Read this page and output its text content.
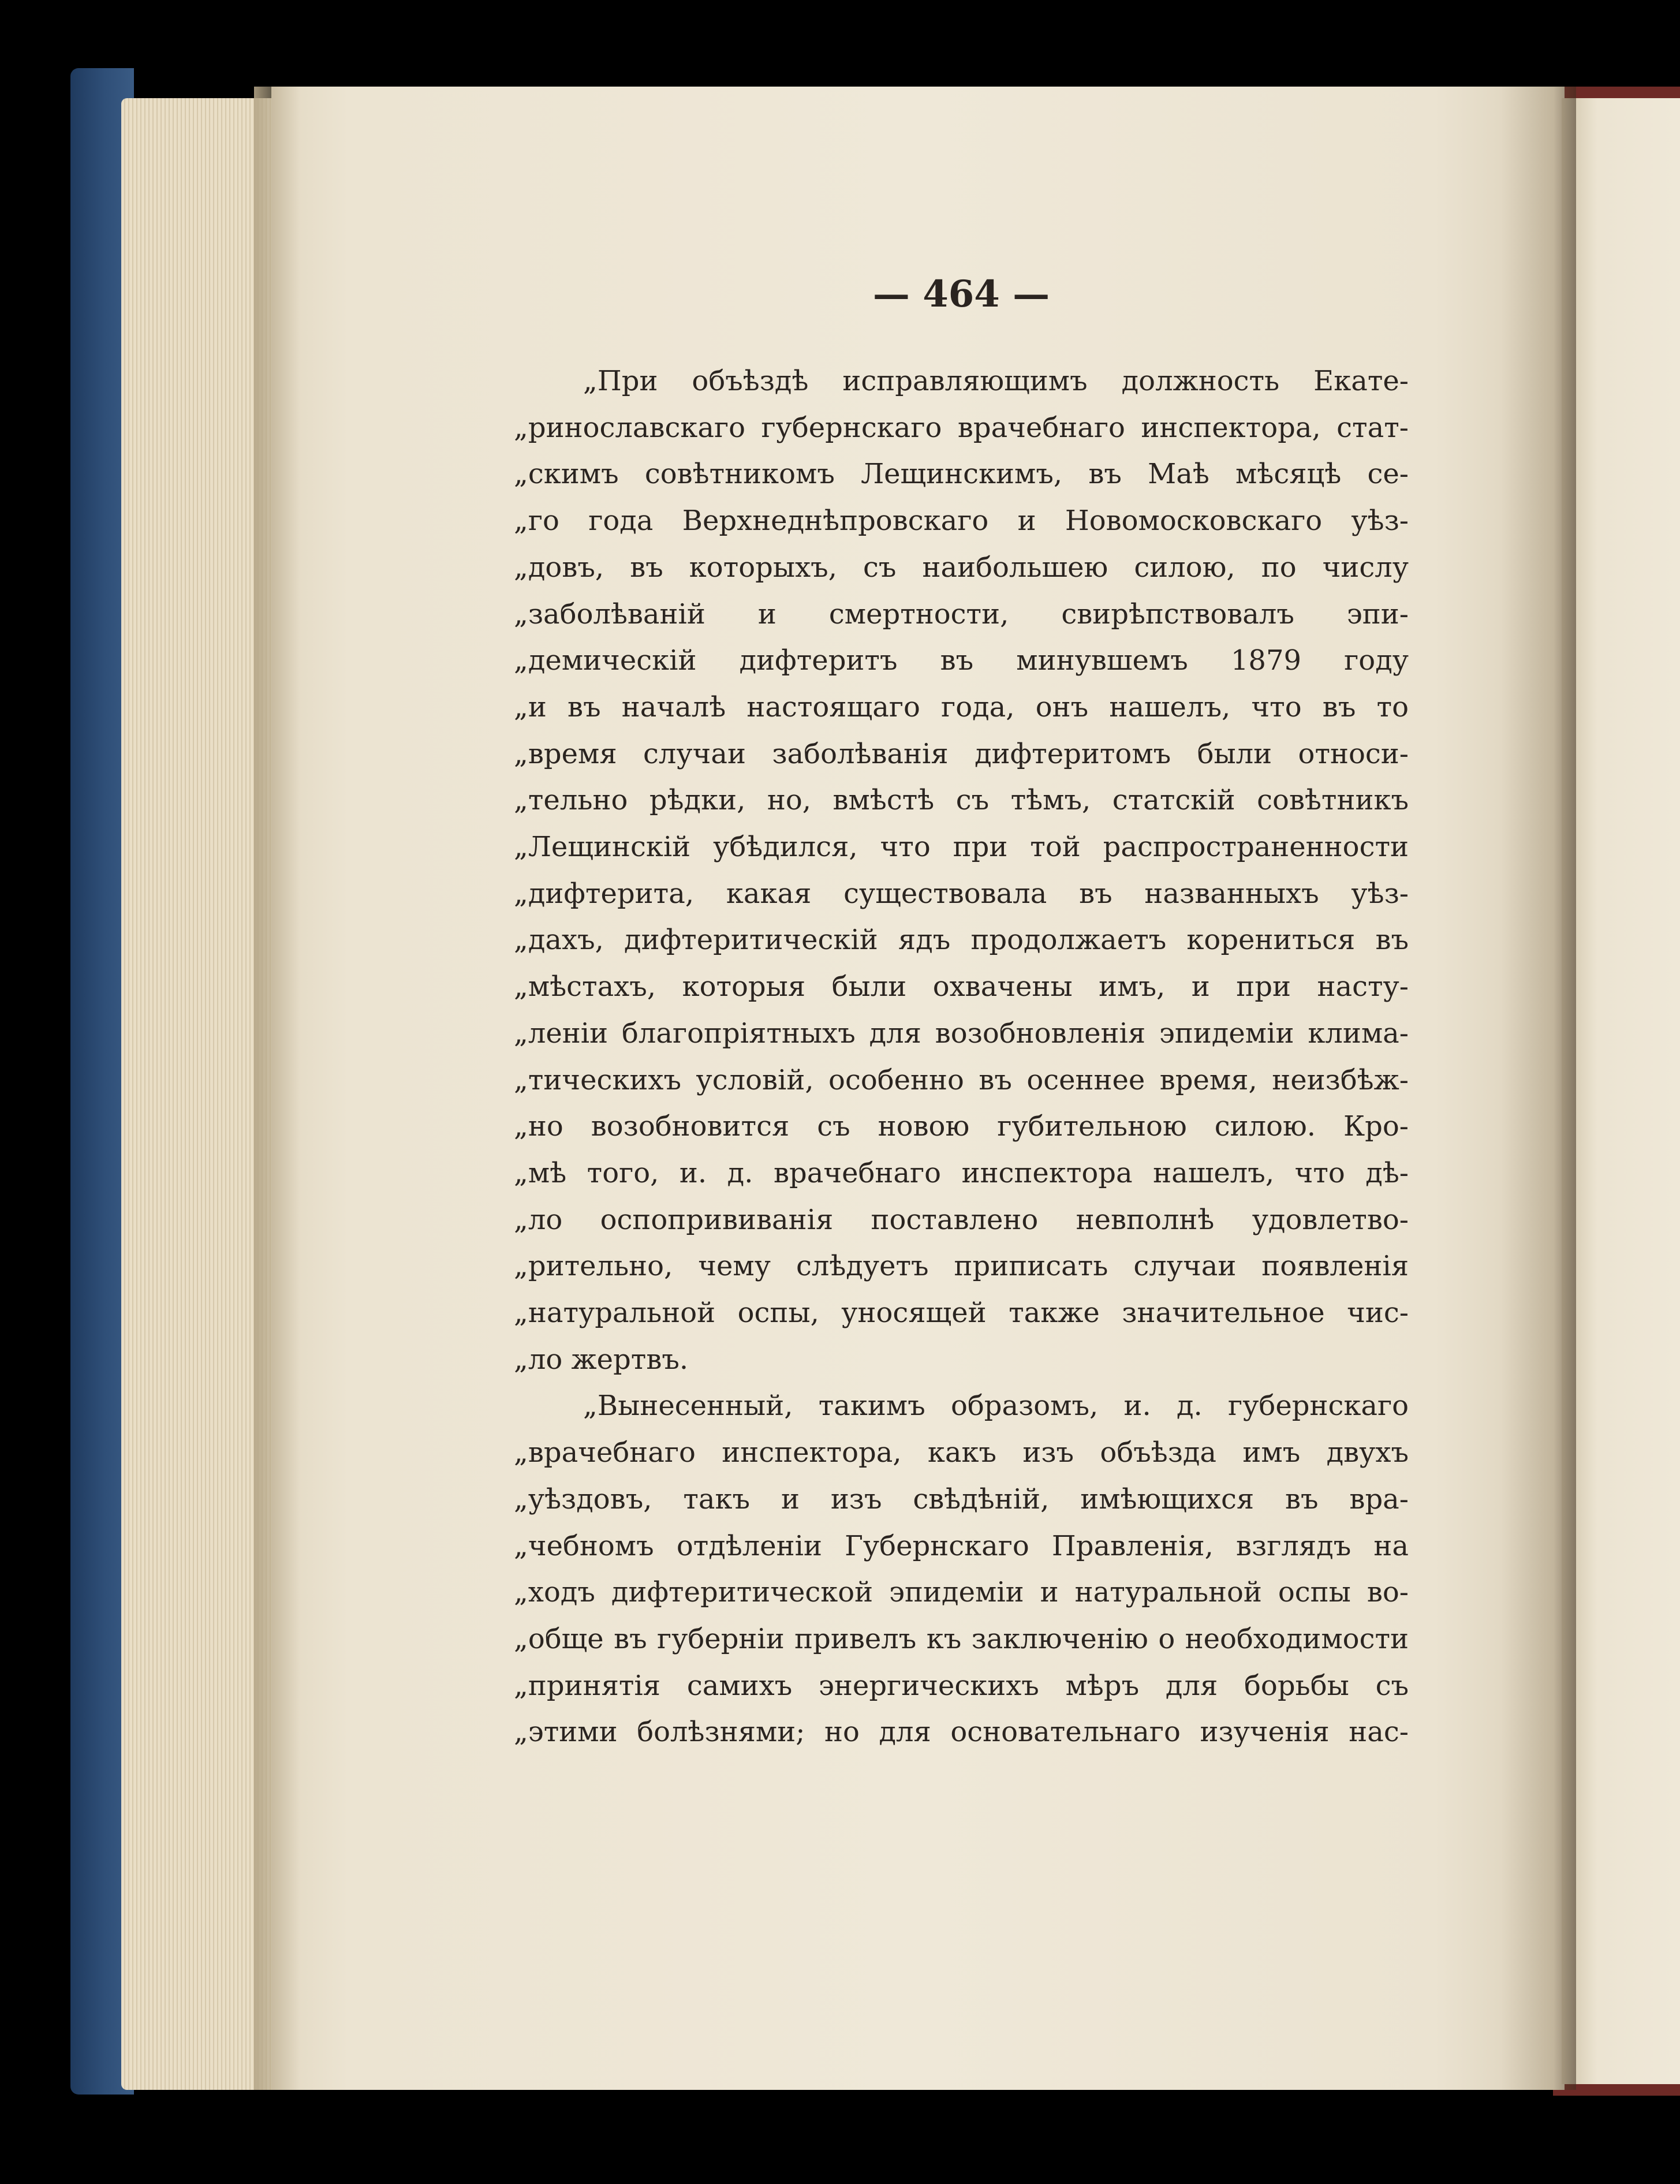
— 464 —
„При объѣздѣ исправляющимъ должность Екате-
„ринославскаго губернскаго врачебнаго инспектора, стат-
„скимъ совѣтникомъ Лещинскимъ, въ Маѣ мѣсяцѣ се-
„го года Верхнеднѣпровскаго и Новомосковскаго уѣз-
„довъ, въ которыхъ, съ наибольшею силою, по числу
„заболѣваній и смертности, свирѣпствовалъ эпи-
„демическій дифтеритъ въ минувшемъ 1879 году
„и въ началѣ настоящаго года, онъ нашелъ, что въ то
„время случаи заболѣванія дифтеритомъ были относи-
„тельно рѣдки, но, вмѣстѣ съ тѣмъ, статскій совѣтникъ
„Лещинскій убѣдился, что при той распространенности
„дифтерита, какая существовала въ названныхъ уѣз-
„дахъ, дифтеритическій ядъ продолжаетъ корениться въ
„мѣстахъ, которыя были охвачены имъ, и при насту-
„леніи благопріятныхъ для возобновленія эпидеміи клима-
„тическихъ условій, особенно въ осеннее время, неизбѣж-
„но возобновится съ новою губительною силою. Кро-
„мѣ того, и. д. врачебнаго инспектора нашелъ, что дѣ-
„ло оспопрививанія поставлено невполнѣ удовлетво-
„рительно, чему слѣдуетъ приписать случаи появленія
„натуральной оспы, уносящей также значительное чис-
„ло жертвъ.
„Вынесенный, такимъ образомъ, и. д. губернскаго
„врачебнаго инспектора, какъ изъ объѣзда имъ двухъ
„уѣздовъ, такъ и изъ свѣдѣній, имѣющихся въ вра-
„чебномъ отдѣленіи Губернскаго Правленія, взглядъ на
„ходъ дифтеритической эпидеміи и натуральной оспы во-
„обще въ губерніи привелъ къ заключенію о необходимости
„принятія самихъ энергическихъ мѣръ для борьбы съ
„этими болѣзнями; но для основательнаго изученія нас-
